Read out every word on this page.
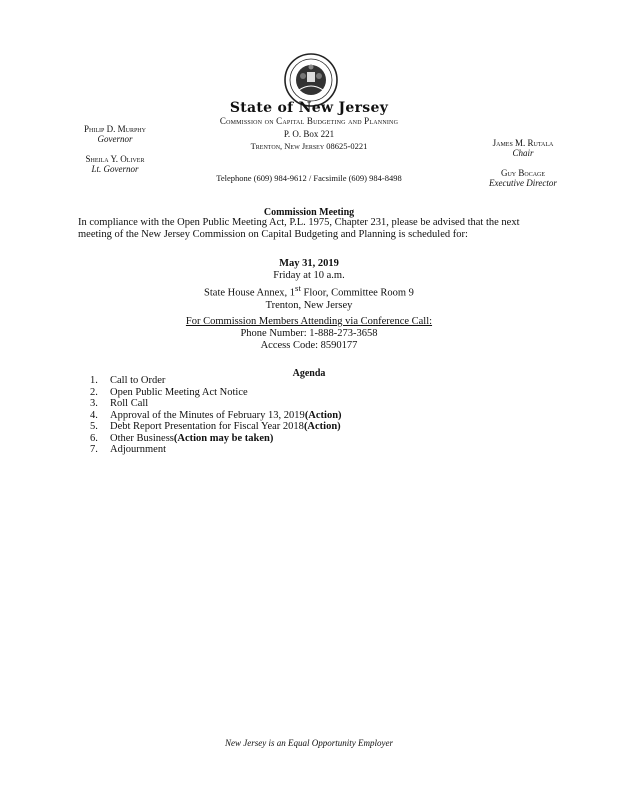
State of New Jersey
Commission on Capital Budgeting and Planning
P. O. Box 221
Trenton, New Jersey 08625-0221
Telephone (609) 984-9612 / Facsimile (609) 984-8498
Philip D. Murphy
Governor
Sheila Y. Oliver
Lt. Governor
James M. Rutala
Chair
Guy Bocage
Executive Director
Commission Meeting
In compliance with the Open Public Meeting Act, P.L. 1975, Chapter 231, please be advised that the next meeting of the New Jersey Commission on Capital Budgeting and Planning is scheduled for:
May 31, 2019
Friday at 10 a.m.
State House Annex, 1st Floor, Committee Room 9
Trenton, New Jersey
For Commission Members Attending via Conference Call:
Phone Number: 1-888-273-3658
Access Code: 8590177
Agenda
1.	Call to Order
2.	Open Public Meeting Act Notice
3.	Roll Call
4.	Approval of the Minutes of February 13, 2019 (Action)
5.	Debt Report Presentation for Fiscal Year 2018 (Action)
6.	Other Business (Action may be taken)
7.	Adjournment
New Jersey is an Equal Opportunity Employer
